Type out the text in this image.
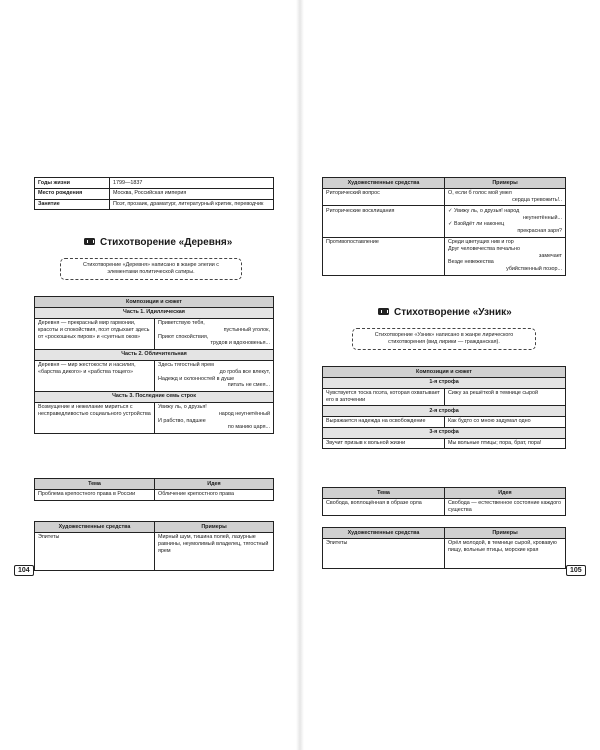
Годы жизни	1799—1837
Место рождения	Москва, Российская империя
Занятие	Поэт, прозаик, драматург, литературный критик, переводчик
Стихотворение «Деревня»
Стихотворение «Деревня» написано в жанре элегии с элементами политической сатиры.
Композиция и сюжет	
Часть 1. Идиллическая	
Деревня — прекрасный мир гармонии, красоты и спокойствия, поэт отдыхает здесь от «роскошных пиров» и «суетных оков»	Приветствую тебя,
пустынный уголок,
Приют спокойствия,
трудов и вдохновенья...

Часть 2. Обличительная	
Деревня — мир жестокости и насилия, «барства дикого» и «рабства тощего»	Здесь тягостный ярем
до гроба все влекут,
Надежд и склонностей в душе
питать не смея...

Часть 3. Последние семь строк	
Возмущение и нежелание мириться с несправедливостью социального устройства	Увижу ль, о друзья!
народ неугнетённый
И рабство, падшее
по манию царя...
Тема	Идея
Проблема крепостного права в России	Обличение крепостного права
Художественные средства	Примеры
Эпитеты	Мирный шум, тишина полей, лазурные равнины, неумолимый владелец, тягостный ярем
104
Художественные средства	Примеры
Риторический вопрос	О, если б голос мой умел
сердца тревожить!..

Риторические восклицания	✓ Увижу ль, о друзья! народ
неугнетённый...
✓ Взойдёт ли наконец
прекрасная заря?

Противопоставление	Среди цветущих нив и гор
Друг человечества печально
замечает
Везде невежества
убийственный позор...
Стихотворение «Узник»
Стихотворение «Узник» написано в жанре лирического стихотворения (вид лирики — гражданская).
Композиция и сюжет	
1-я строфа	
Чувствуется тоска поэта, которая охватывает его в заточении	Сижу за решёткой в темнице сырой
2-я строфа	
Выражается надежда на освобождение	Как будто со мною задумал одно
3-я строфа	
Звучит призыв к вольной жизни	Мы вольные птицы; пора, брат, пора!
Тема	Идея
Свобода, воплощённая в образе орла	Свобода — естественное состояние каждого существа
Художественные средства	Примеры
Эпитеты	Орёл молодой, в темнице сырой, кровавую пищу, вольные птицы, морские края
105
